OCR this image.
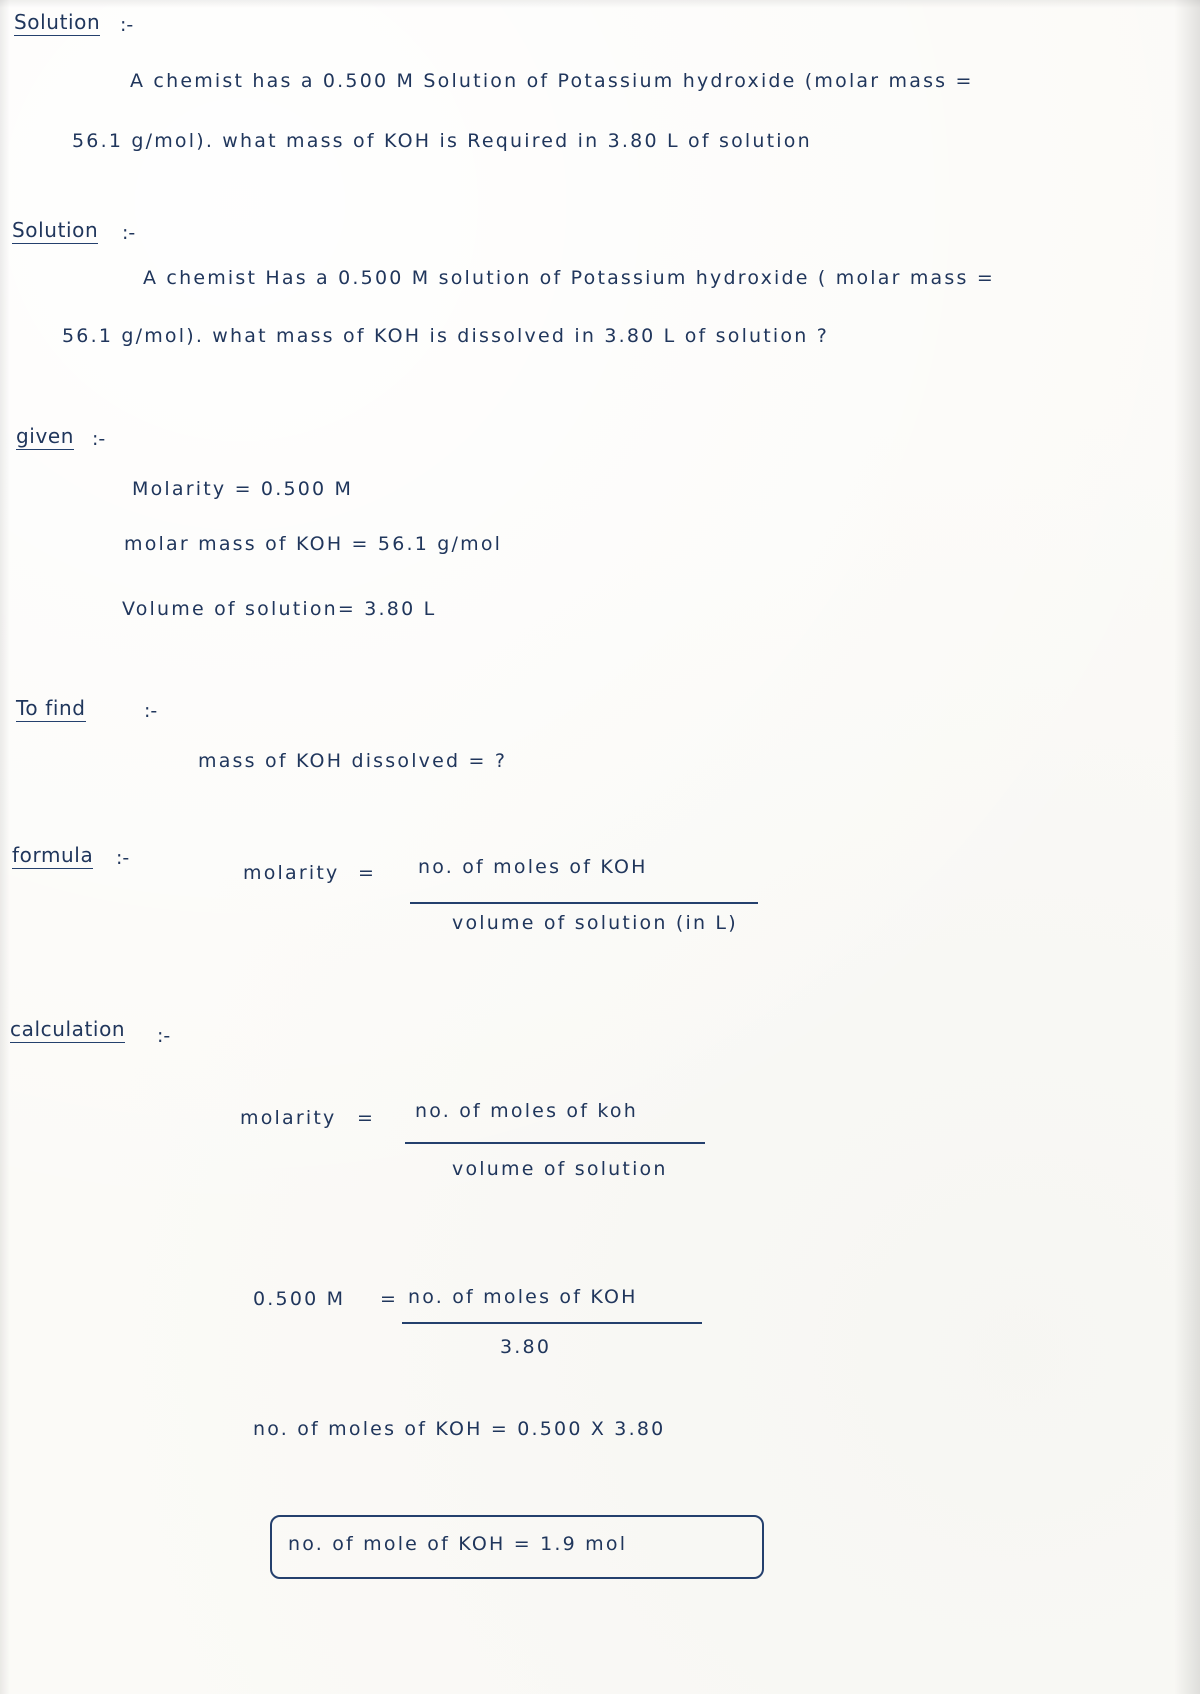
Solution :-
A chemist has a 0.500 M Solution of Potassium hydroxide (molar mass =
56.1 g/mol). what mass of KOH is Required in 3.80 L of solution
Solution :-
A chemist Has a 0.500 M solution of Potassium hydroxide ( molar mass =
56.1 g/mol). what mass of KOH is dissolved in 3.80 L of solution ?
given :-
Molarity = 0.500 M
molar mass of KOH = 56.1 g/mol
Volume of solution= 3.80 L
To find	:-
mass of KOH dissolved = ?
formula :-
molarity = no. of moles of KOH
volume of solution (in L)
calculation :-
molarity = no. of moles of koh
volume of solution
0.500 M = no. of moles of KOH
3.80
no. of moles of KOH = 0.500 X 3.80
no. of mole of KOH = 1.9 mol
